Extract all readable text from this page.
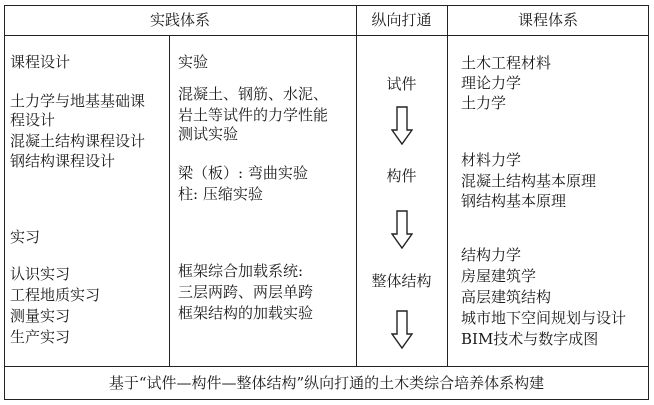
实践体系	纵向打通	课程体系
课程设计
土力学与地基基础课
程设计
混凝土结构课程设计
钢结构课程设计
实习
认识实习
工程地质实习
测量实习
生产实习
实验
混凝土、钢筋、水泥、
岩土等试件的力学性能
测试实验
梁（板）: 弯曲实验
柱: 压缩实验
框架综合加载系统:
三层两跨、两层单跨
框架结构的加载实验
试件
构件
整体结构
土木工程材料
理论力学
土力学
材料力学
混凝土结构基本原理
钢结构基本原理
结构力学
房屋建筑学
高层建筑结构
城市地下空间规划与设计
BIM技术与数字成图
基于“试件—构件—整体结构”纵向打通的土木类综合培养体系构建
